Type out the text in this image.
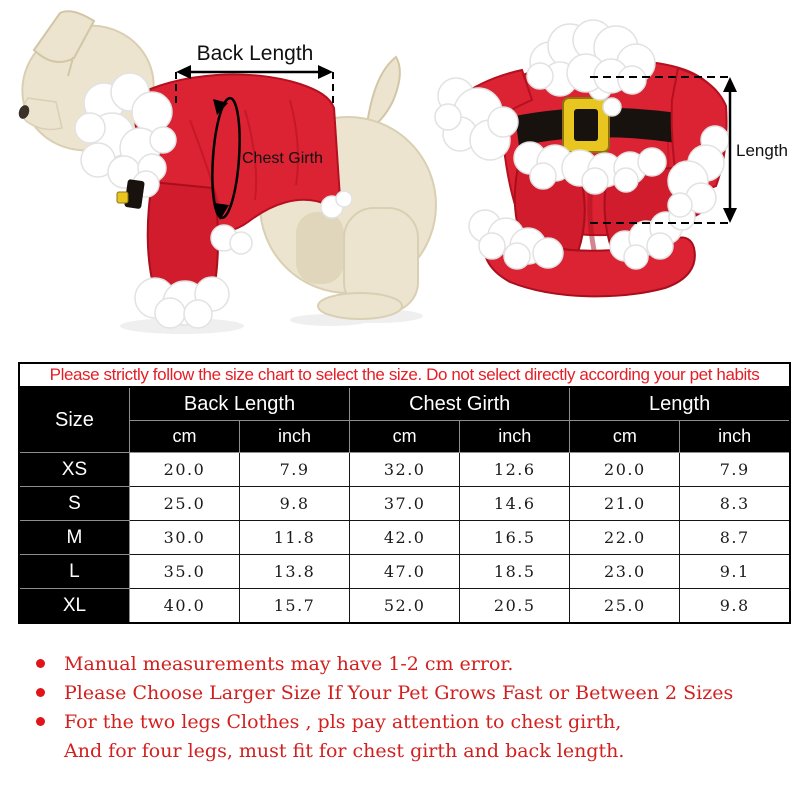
Back Length
Chest Girth	Length
Please strictly follow the size chart to select the size. Do not select directly according your pet habits						
Size	Back Length		Chest Girth		Length	
	cm	inch	cm	inch	cm	inch
XS	20.0	7.9	32.0	12.6	20.0	7.9
S	25.0	9.8	37.0	14.6	21.0	8.3
M	30.0	11.8	42.0	16.5	22.0	8.7
L	35.0	13.8	47.0	18.5	23.0	9.1
XL	40.0	15.7	52.0	20.5	25.0	9.8
Manual measurements may have 1-2 cm error.
Please Choose Larger Size If Your Pet Grows Fast or Between 2 Sizes
For the two legs Clothes , pls pay attention to chest girth,
And for four legs, must fit for chest girth and back length.
